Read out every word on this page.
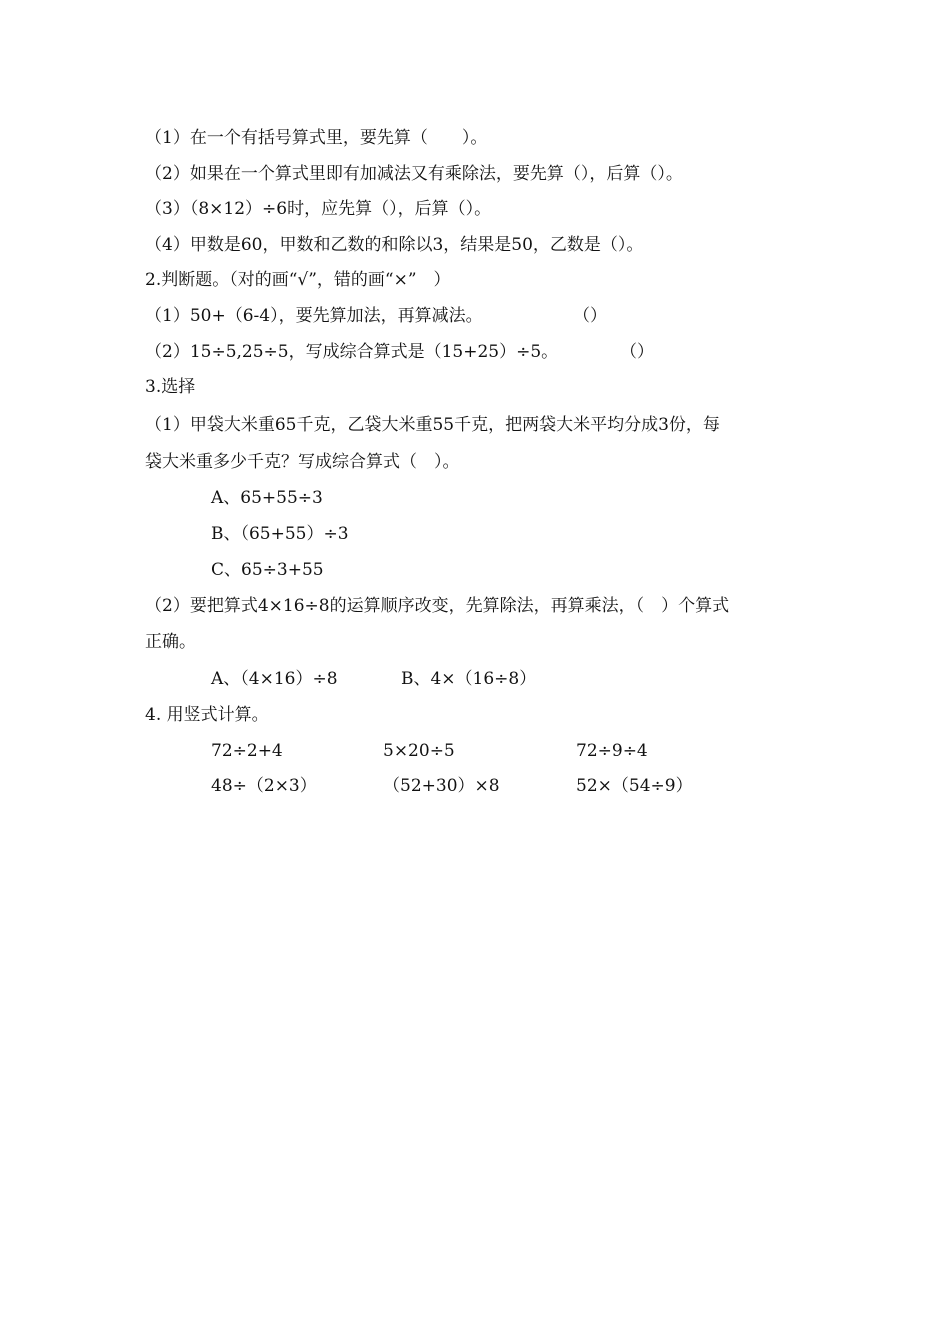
（1）在一个有括号算式里，要先算（　　）。
（2）如果在一个算式里即有加减法又有乘除法，要先算（），后算（）。
（3）（8×12）÷6时，应先算（），后算（）。
（4）甲数是60，甲数和乙数的和除以3，结果是50，乙数是（）。
2.判断题。（对的画“√”，错的画“×”　）
（1）50+（6-4），要先算加法，再算减法。	（）
（2）15÷5,25÷5，写成综合算式是（15+25）÷5。	（）
3.选择
（1）甲袋大米重65千克，乙袋大米重55千克，把两袋大米平均分成3份，每
袋大米重多少千克？写成综合算式（　）。
A、65+55÷3
B、（65+55）÷3
C、65÷3+55
（2）要把算式4×16÷8的运算顺序改变，先算除法，再算乘法，（　）个算式
正确。
A、（4×16）÷8	B、4×（16÷8）
4. 用竖式计算。
72÷2+4	5×20÷5	72÷9÷4
48÷（2×3）	（52+30）×8	52×（54÷9）
